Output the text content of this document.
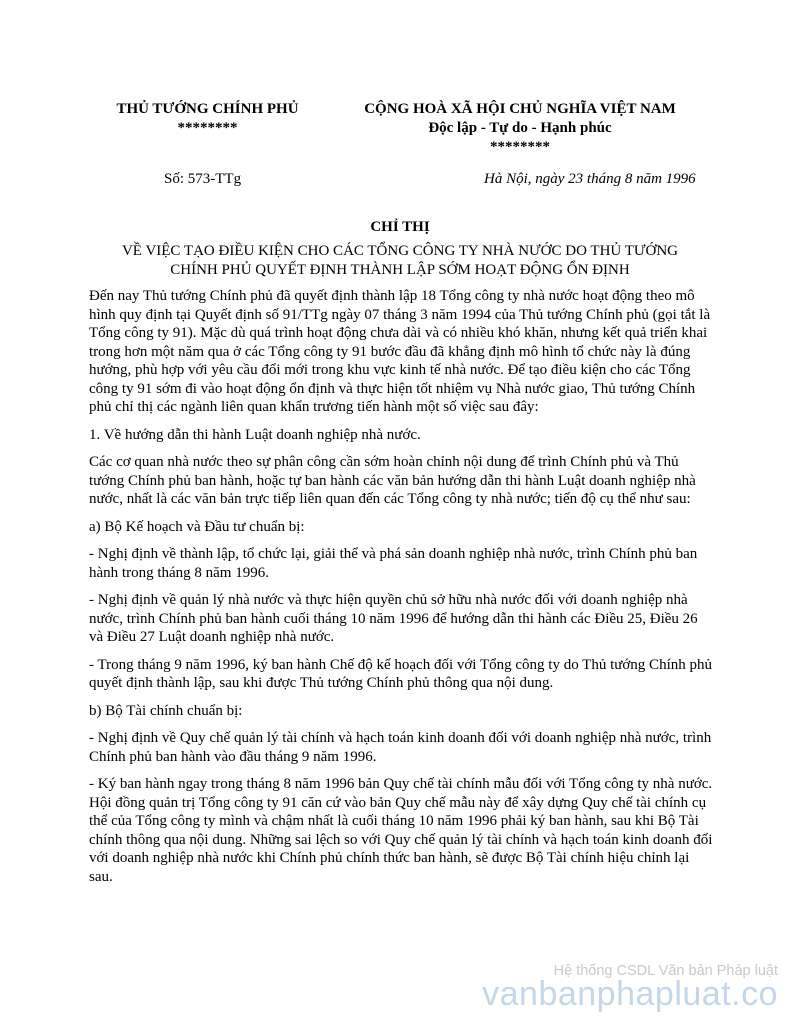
THỦ TƯỚNG CHÍNH PHỦ
********
CỘNG HOÀ XÃ HỘI CHỦ NGHĨA VIỆT NAM
Độc lập - Tự do - Hạnh phúc
********
Số: 573-TTg	Hà Nội, ngày 23 tháng 8 năm 1996
CHỈ THỊ
VỀ VIỆC TẠO ĐIỀU KIỆN CHO CÁC TỔNG CÔNG TY NHÀ NƯỚC DO THỦ TƯỚNG
CHÍNH PHỦ QUYẾT ĐỊNH THÀNH LẬP SỚM HOẠT ĐỘNG ỔN ĐỊNH

Đến nay Thủ tướng Chính phủ đã quyết định thành lập 18 Tổng công ty nhà nước hoạt động theo mô hình quy định tại Quyết định số 91/TTg ngày 07 tháng 3 năm 1994 của Thủ tướng Chính phủ (gọi tắt là Tổng công ty 91). Mặc dù quá trình hoạt động chưa dài và có nhiều khó khăn, nhưng kết quả triển khai trong hơn một năm qua ở các Tổng công ty 91 bước đầu đã khẳng định mô hình tổ chức này là đúng hướng, phù hợp với yêu cầu đổi mới trong khu vực kinh tế nhà nước. Để tạo điều kiện cho các Tổng công ty 91 sớm đi vào hoạt động ổn định và thực hiện tốt nhiệm vụ Nhà nước giao, Thủ tướng Chính phủ chỉ thị các ngành liên quan khẩn trương tiến hành một số việc sau đây:

1. Về hướng dẫn thi hành Luật doanh nghiệp nhà nước.

Các cơ quan nhà nước theo sự phân công cần sớm hoàn chỉnh nội dung để trình Chính phủ và Thủ tướng Chính phủ ban hành, hoặc tự ban hành các văn bản hướng dẫn thi hành Luật doanh nghiệp nhà nước, nhất là các văn bản trực tiếp liên quan đến các Tổng công ty nhà nước; tiến độ cụ thể như sau:

a) Bộ Kế hoạch và Đầu tư chuẩn bị:

- Nghị định về thành lập, tổ chức lại, giải thể và phá sản doanh nghiệp nhà nước, trình Chính phủ ban hành trong tháng 8 năm 1996.

- Nghị định về quản lý nhà nước và thực hiện quyền chủ sở hữu nhà nước đối với doanh nghiệp nhà nước, trình Chính phủ ban hành cuối tháng 10 năm 1996 để hướng dẫn thi hành các Điều 25, Điều 26 và Điều 27 Luật doanh nghiệp nhà nước.

- Trong tháng 9 năm 1996, ký ban hành Chế độ kế hoạch đối với Tổng công ty do Thủ tướng Chính phủ quyết định thành lập, sau khi được Thủ tướng Chính phủ thông qua nội dung.

b) Bộ Tài chính chuẩn bị:

- Nghị định về Quy chế quản lý tài chính và hạch toán kinh doanh đối với doanh nghiệp nhà nước, trình Chính phủ ban hành vào đầu tháng 9 năm 1996.

- Ký ban hành ngay trong tháng 8 năm 1996 bản Quy chế tài chính mẫu đối với Tổng công ty nhà nước. Hội đồng quản trị Tổng công ty 91 căn cứ vào bản Quy chế mẫu này để xây dựng Quy chế tài chính cụ thể của Tổng công ty mình và chậm nhất là cuối tháng 10 năm 1996 phải ký ban hành, sau khi Bộ Tài chính thông qua nội dung. Những sai lệch so với Quy chế quản lý tài chính và hạch toán kinh doanh đối với doanh nghiệp nhà nước khi Chính phủ chính thức ban hành, sẽ được Bộ Tài chính hiệu chỉnh lại sau.

Hệ thống CSDL Văn bản Pháp luật
vanbanphapluat.co
